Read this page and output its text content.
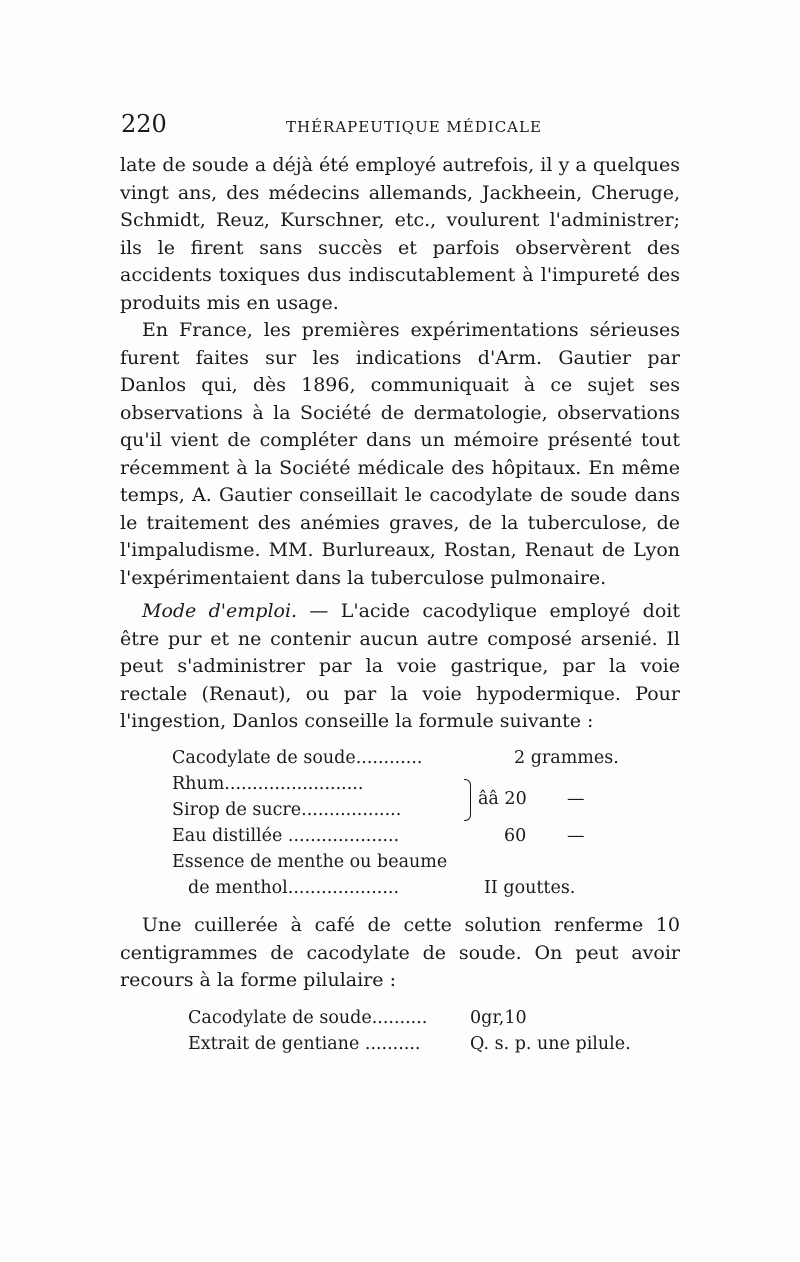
220	THÉRAPEUTIQUE MÉDICALE

late de soude a déjà été employé autrefois, il y a quelques vingt ans, des médecins allemands, Jackheein, Cheruge, Schmidt, Reuz, Kurschner, etc., voulurent l'administrer; ils le firent sans succès et parfois observèrent des accidents toxiques dus indiscutablement à l'impureté des produits mis en usage.

En France, les premières expérimentations sérieuses furent faites sur les indications d'Arm. Gautier par Danlos qui, dès 1896, communiquait à ce sujet ses observations à la Société de dermatologie, observations qu'il vient de compléter dans un mémoire présenté tout récemment à la Société médicale des hôpitaux. En même temps, A. Gautier conseillait le cacodylate de soude dans le traitement des anémies graves, de la tuberculose, de l'impaludisme. MM. Burlureaux, Rostan, Renaut de Lyon l'expérimentaient dans la tuberculose pulmonaire.

Mode d'emploi. — L'acide cacodylique employé doit être pur et ne contenir aucun autre composé arsenié. Il peut s'administrer par la voie gastrique, par la voie rectale (Renaut), ou par la voie hypodermique. Pour l'ingestion, Danlos conseille la formule suivante :

Cacodylate de soude............	2 grammes.
Rhum.........................
Sirop de sucre..................
ââ 20 —
Eau distillée ....................	60 —
Essence de menthe ou beaume
de menthol....................	II gouttes.

Une cuillerée à café de cette solution renferme 10 centigrammes de cacodylate de soude. On peut avoir recours à la forme pilulaire :

Cacodylate de soude.......... 0gr,10
Extrait de gentiane ..........	Q. s. p. une pilule.
